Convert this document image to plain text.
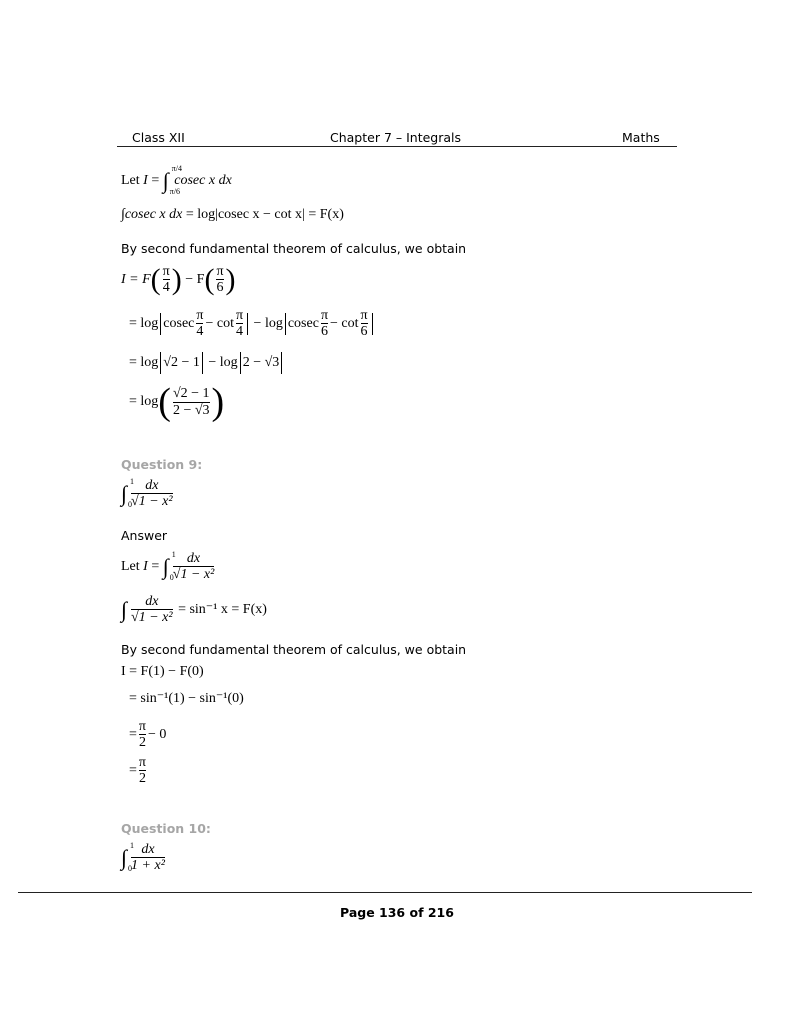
Class XII	Chapter 7 – Integrals	Maths
Let I = ∫ π/4
π/6
cosec x dx
∫cosec x dx = log|cosec x − cot x| = F(x)
By second fundamental theorem of calculus, we obtain
$I = F( \frac{\pi}{4}$ ) − $F( \frac{\pi}{6}$ )
= log cosec $\frac{\pi}{4} - \cot \frac{\pi}{4} - \log cosec \frac{\pi}{6} - \cot \frac{\pi}{6}$
= log √2 − 1 − log 2 − √3
= $\log( \frac{√2 - 1}{2 - √3}$ )
Question 9:
∫ 1
$0 \frac{dx}{\text{√1 − x²}}$
Answer
Let I = ∫ 1
$0 \frac{dx}{\text{√1 − x²}}$
∫ $\frac{dx}{\text{√1 − x²}} = \sin^{-1}$ x = F(x)
By second fundamental theorem of calculus, we obtain
I = F(1) − F(0)
= sin⁻¹(1) − sin⁻¹(0)
= $\frac{\pi}{2} - 0$
= $\frac{\pi}{2}$
Question 10:
∫ 1
$0 \frac{dx}{\text{1 + x²}}$
Page 136 of 216
